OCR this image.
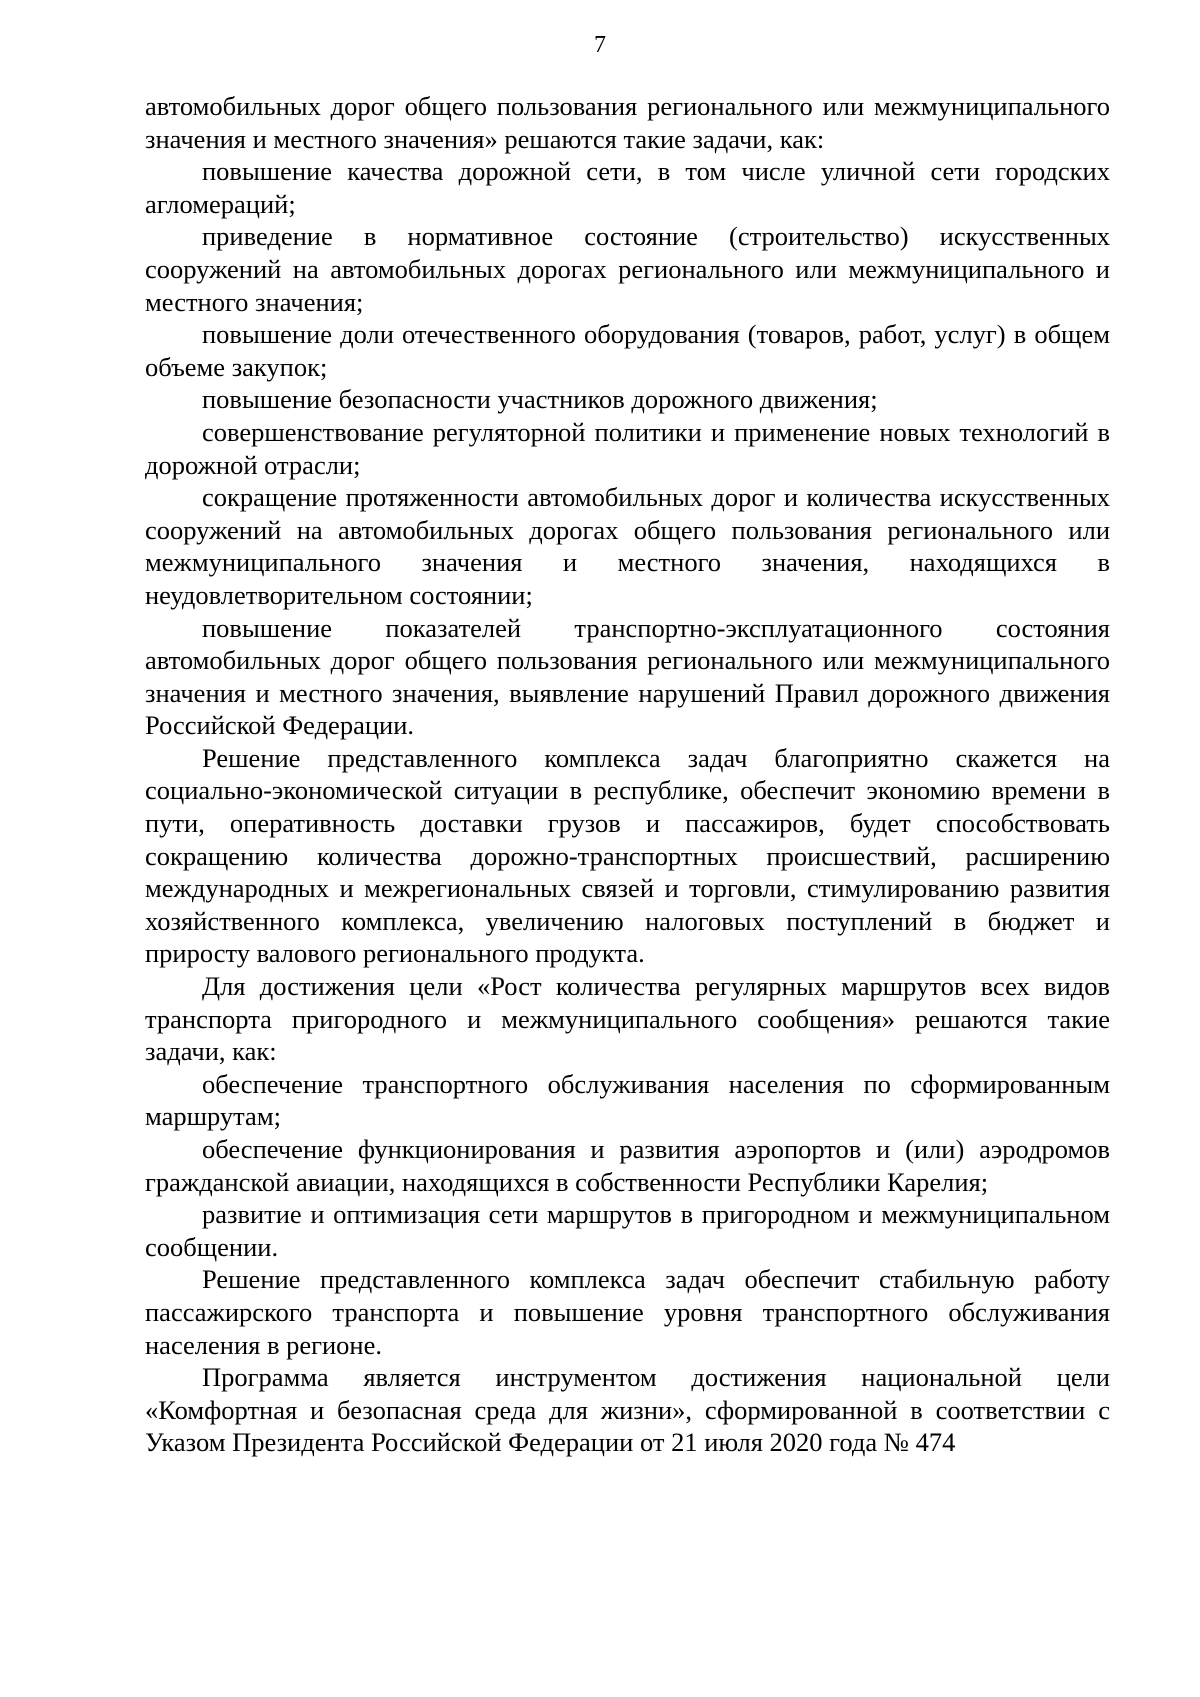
7

автомобильных дорог общего пользования регионального или межмуниципального значения и местного значения» решаются такие задачи, как:

повышение качества дорожной сети, в том числе уличной сети городских агломераций;

приведение в нормативное состояние (строительство) искусственных сооружений на автомобильных дорогах регионального или межмуниципального и местного значения;

повышение доли отечественного оборудования (товаров, работ, услуг) в общем объеме закупок;

повышение безопасности участников дорожного движения;

совершенствование регуляторной политики и применение новых технологий в дорожной отрасли;

сокращение протяженности автомобильных дорог и количества искусственных сооружений на автомобильных дорогах общего пользования регионального или межмуниципального значения и местного значения, находящихся в неудовлетворительном состоянии;

повышение показателей транспортно-эксплуатационного состояния автомобильных дорог общего пользования регионального или межмуниципального значения и местного значения, выявление нарушений Правил дорожного движения Российской Федерации.

Решение представленного комплекса задач благоприятно скажется на социально-экономической ситуации в республике, обеспечит экономию времени в пути, оперативность доставки грузов и пассажиров, будет способствовать сокращению количества дорожно-транспортных происшествий, расширению международных и межрегиональных связей и торговли, стимулированию развития хозяйственного комплекса, увеличению налоговых поступлений в бюджет и приросту валового регионального продукта.

Для достижения цели «Рост количества регулярных маршрутов всех видов транспорта пригородного и межмуниципального сообщения» решаются такие задачи, как:

обеспечение транспортного обслуживания населения по сформированным маршрутам;

обеспечение функционирования и развития аэропортов и (или) аэродромов гражданской авиации, находящихся в собственности Республики Карелия;

развитие и оптимизация сети маршрутов в пригородном и межмуниципальном сообщении.

Решение представленного комплекса задач обеспечит стабильную работу пассажирского транспорта и повышение уровня транспортного обслуживания населения в регионе.

Программа является инструментом достижения национальной цели «Комфортная и безопасная среда для жизни», сформированной в соответствии с Указом Президента Российской Федерации от 21 июля 2020 года № 474
